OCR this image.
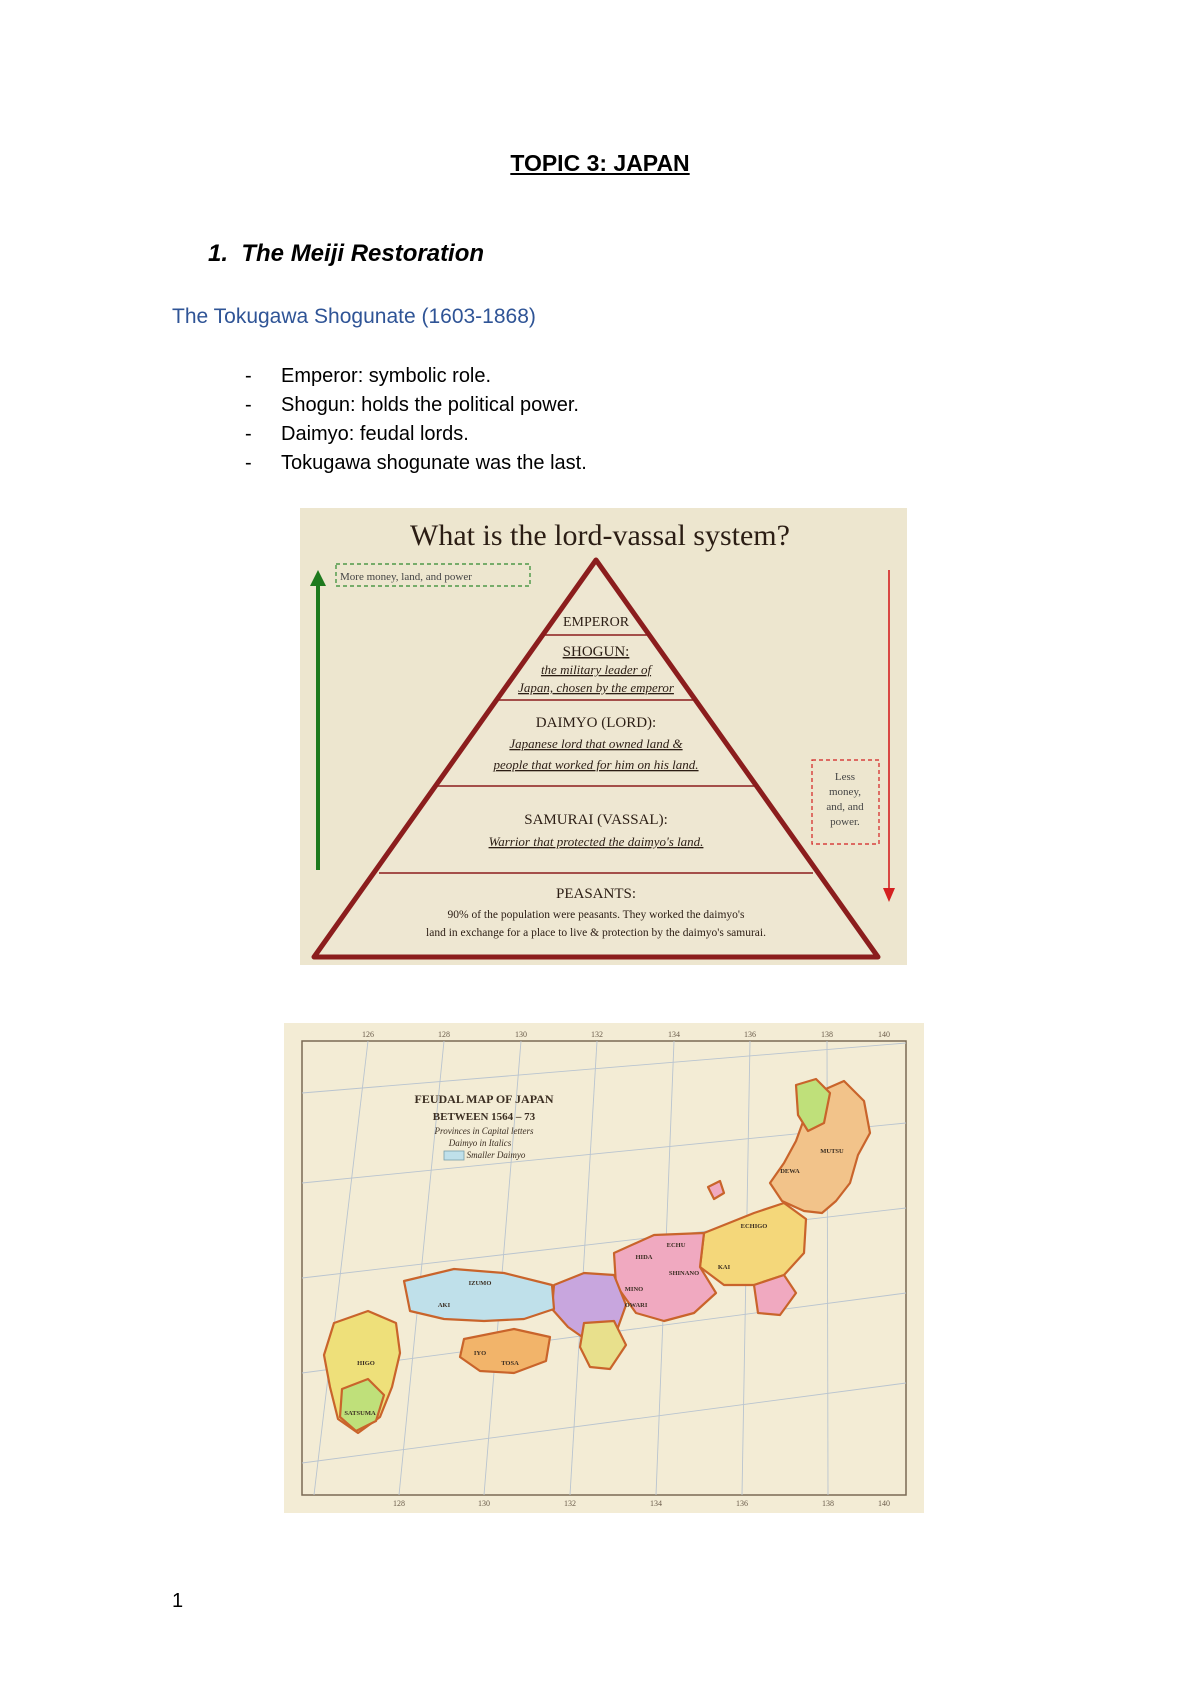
TOPIC 3: JAPAN
1.  The Meiji Restoration
The Tokugawa Shogunate (1603-1868)
- Emperor: symbolic role.
- Shogun: holds the political power.
- Daimyo: feudal lords.
- Tokugawa shogunate was the last.
What is the lord-vassal system?
More money, land, and power
Less
money,
and, and
power.
EMPEROR
SHOGUN:
the military leader of
Japan, chosen by the emperor
DAIMYO (LORD):
Japanese lord that owned land &
people that worked for him on his land.
SAMURAI (VASSAL):
Warrior that protected the daimyo's land.
PEASANTS:
90% of the population were peasants. They worked the daimyo's
land in exchange for a place to live & protection by the daimyo's samurai.
126	128	130	132	134	136	138	140
128	130	132	134	136	138	140
FEUDAL MAP OF JAPAN
BETWEEN 1564 – 73
Provinces in Capital letters
Daimyo in Italics
Smaller Daimyo
ECHIGO
SHINANO
KAI
HIDA
ECHU
MINO
OWARI
MUTSU
DEWA
SATSUMA
HIGO
IYO
TOSA
AKI
IZUMO
1
